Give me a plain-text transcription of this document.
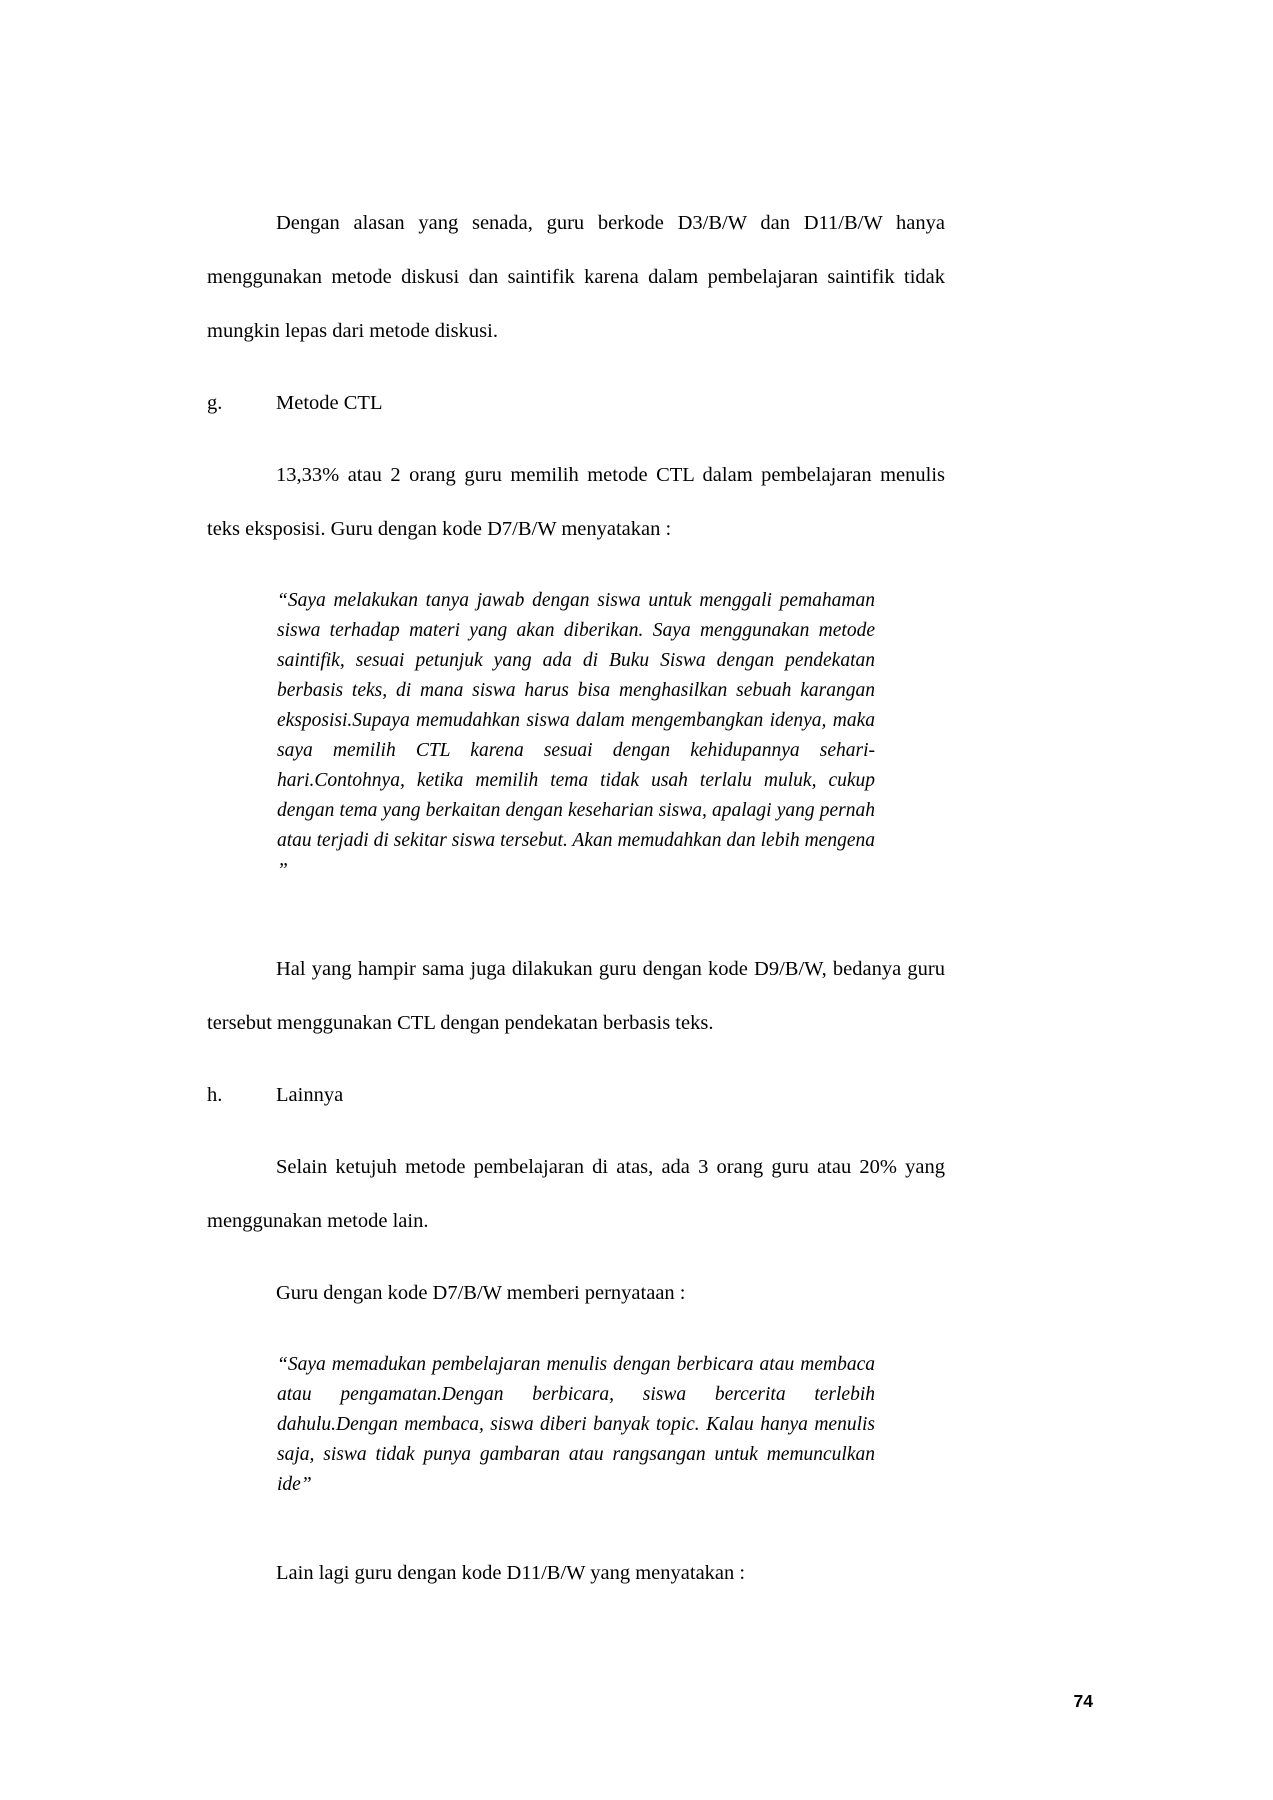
Dengan alasan yang senada, guru berkode D3/B/W dan D11/B/W hanya menggunakan metode diskusi dan saintifik karena dalam pembelajaran saintifik tidak mungkin lepas dari metode diskusi.

g.	Metode CTL

13,33% atau 2 orang guru memilih metode CTL dalam pembelajaran menulis teks eksposisi. Guru dengan kode D7/B/W menyatakan :

“Saya melakukan tanya jawab dengan siswa untuk menggali pemahaman siswa terhadap materi yang akan diberikan. Saya menggunakan metode saintifik, sesuai petunjuk yang ada di Buku Siswa dengan pendekatan berbasis teks, di mana siswa harus bisa menghasilkan sebuah karangan eksposisi.Supaya memudahkan siswa dalam mengembangkan idenya, maka saya memilih CTL karena sesuai dengan kehidupannya sehari- hari.Contohnya, ketika memilih tema tidak usah terlalu muluk, cukup dengan tema yang berkaitan dengan keseharian siswa, apalagi yang pernah atau terjadi di sekitar siswa tersebut. Akan memudahkan dan lebih mengena ”

Hal yang hampir sama juga dilakukan guru dengan kode D9/B/W, bedanya guru tersebut menggunakan CTL dengan pendekatan berbasis teks.

h.	Lainnya

Selain ketujuh metode pembelajaran di atas, ada 3 orang guru atau 20% yang menggunakan metode lain.

Guru dengan kode D7/B/W memberi pernyataan :

“Saya memadukan pembelajaran menulis dengan berbicara atau membaca atau pengamatan.Dengan berbicara, siswa bercerita terlebih dahulu.Dengan membaca, siswa diberi banyak topic. Kalau hanya menulis saja, siswa tidak punya gambaran atau rangsangan untuk memunculkan ide”

Lain lagi guru dengan kode D11/B/W yang menyatakan :

74
